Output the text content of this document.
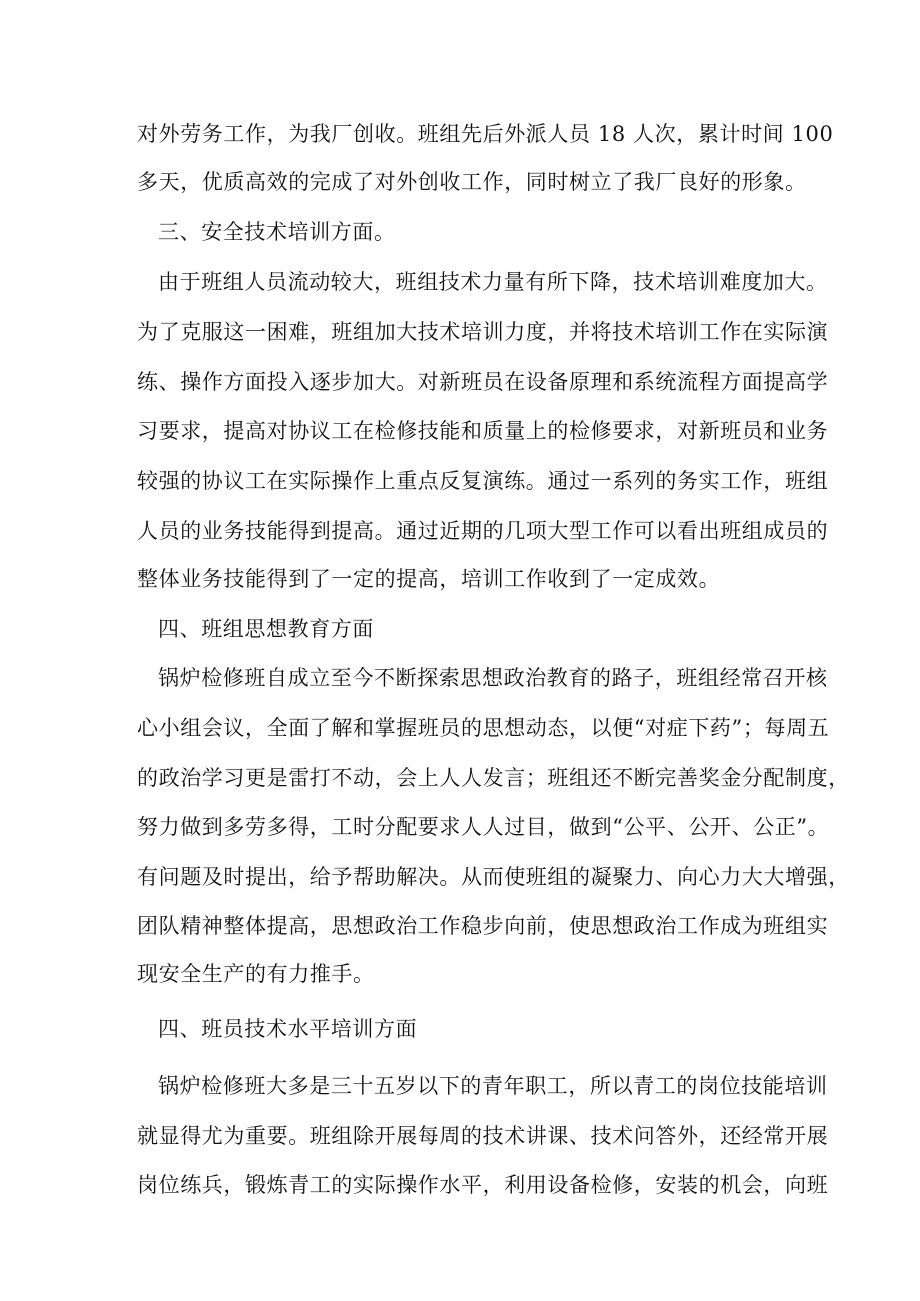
对外劳务工作，为我厂创收。班组先后外派人员 18 人次，累计时间 100
多天，优质高效的完成了对外创收工作，同时树立了我厂良好的形象。
三、安全技术培训方面。
由于班组人员流动较大，班组技术力量有所下降，技术培训难度加大。
为了克服这一困难，班组加大技术培训力度，并将技术培训工作在实际演
练、操作方面投入逐步加大。对新班员在设备原理和系统流程方面提高学
习要求，提高对协议工在检修技能和质量上的检修要求，对新班员和业务
较强的协议工在实际操作上重点反复演练。通过一系列的务实工作，班组
人员的业务技能得到提高。通过近期的几项大型工作可以看出班组成员的
整体业务技能得到了一定的提高，培训工作收到了一定成效。
四、班组思想教育方面
锅炉检修班自成立至今不断探索思想政治教育的路子，班组经常召开核
心小组会议，全面了解和掌握班员的思想动态，以便“对症下药”；每周五
的政治学习更是雷打不动，会上人人发言；班组还不断完善奖金分配制度，
努力做到多劳多得，工时分配要求人人过目，做到“公平、公开、公正”。
有问题及时提出，给予帮助解决。从而使班组的凝聚力、向心力大大增强，
团队精神整体提高，思想政治工作稳步向前，使思想政治工作成为班组实
现安全生产的有力推手。
四、班员技术水平培训方面
锅炉检修班大多是三十五岁以下的青年职工，所以青工的岗位技能培训
就显得尤为重要。班组除开展每周的技术讲课、技术问答外，还经常开展
岗位练兵，锻炼青工的实际操作水平，利用设备检修，安装的机会，向班
